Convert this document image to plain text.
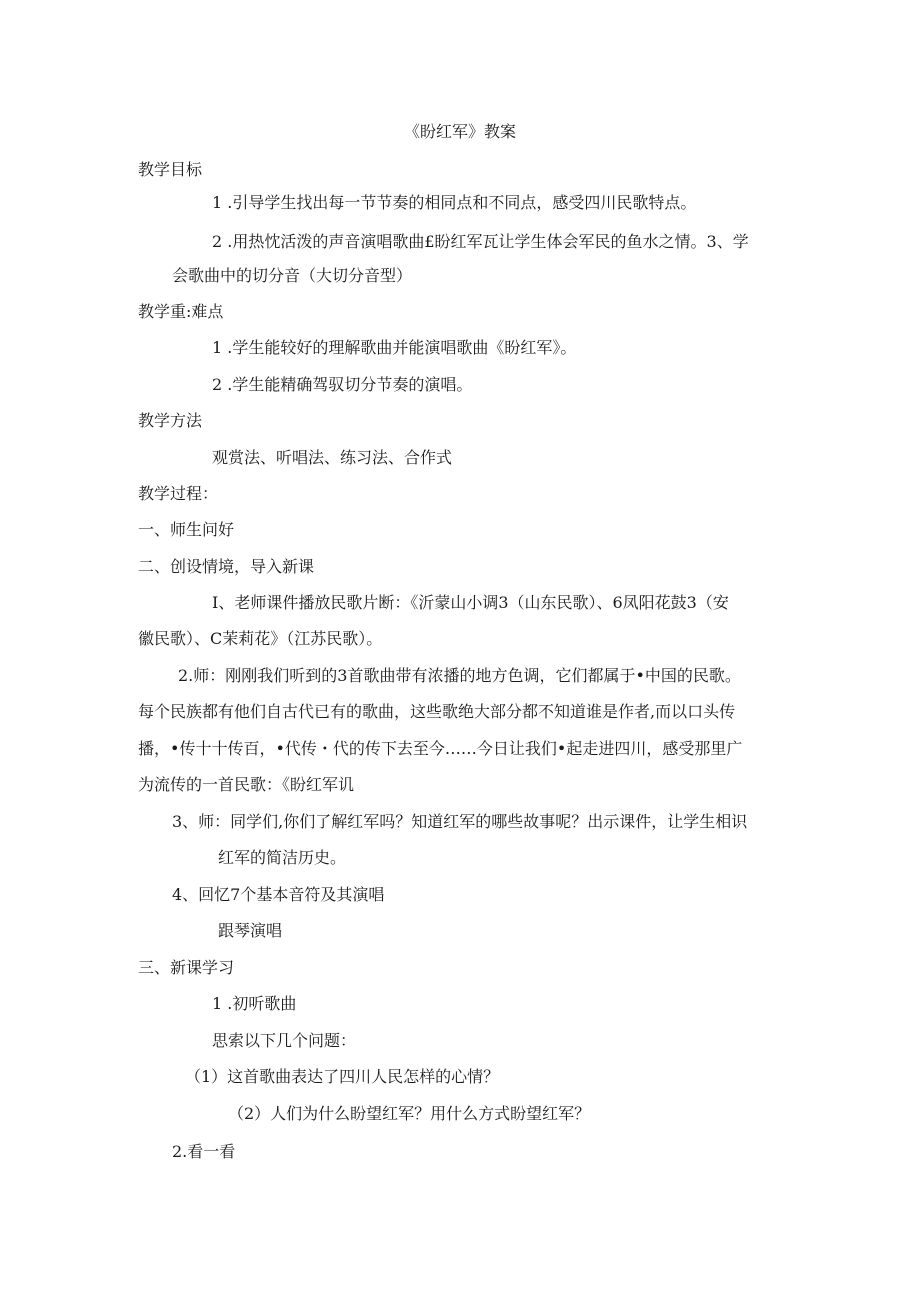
《盼红军》教案
教学目标
1 .引导学生找出每一节节奏的相同点和不同点，感受四川民歌特点。
2 .用热忱活泼的声音演唱歌曲£盼红军瓦让学生体会军民的鱼水之情。3、学
会歌曲中的切分音（大切分音型）
教学重:难点
1 .学生能较好的理解歌曲并能演唱歌曲《盼红军》。
2 .学生能精确驾驭切分节奏的演唱。
教学方法
观赏法、听唱法、练习法、合作式
教学过程：
一、师生问好
二、创设情境，导入新课
I、老师课件播放民歌片断：《沂蒙山小调3（山东民歌）、6凤阳花鼓3（安
徽民歌）、C茉莉花》（江苏民歌）。
2.师：刚刚我们听到的3首歌曲带有浓播的地方色调，它们都属于•中国的民歌。
每个民族都有他们自古代已有的歌曲，这些歌绝大部分都不知道谁是作者,而以口头传
播，•传十十传百，•代传・代的传下去至今……今日让我们•起走进四川，感受那里广
为流传的一首民歌：《盼红军讥
3、师：同学们,你们了解红军吗？知道红军的哪些故事呢？出示课件，让学生相识
红军的简洁历史。
4、回忆7个基本音符及其演唱
跟琴演唱
三、新课学习
1 .初听歌曲
思索以下几个问题：
（1）这首歌曲表达了四川人民怎样的心情？
（2）人们为什么盼望红军？用什么方式盼望红军？
2.看一看
